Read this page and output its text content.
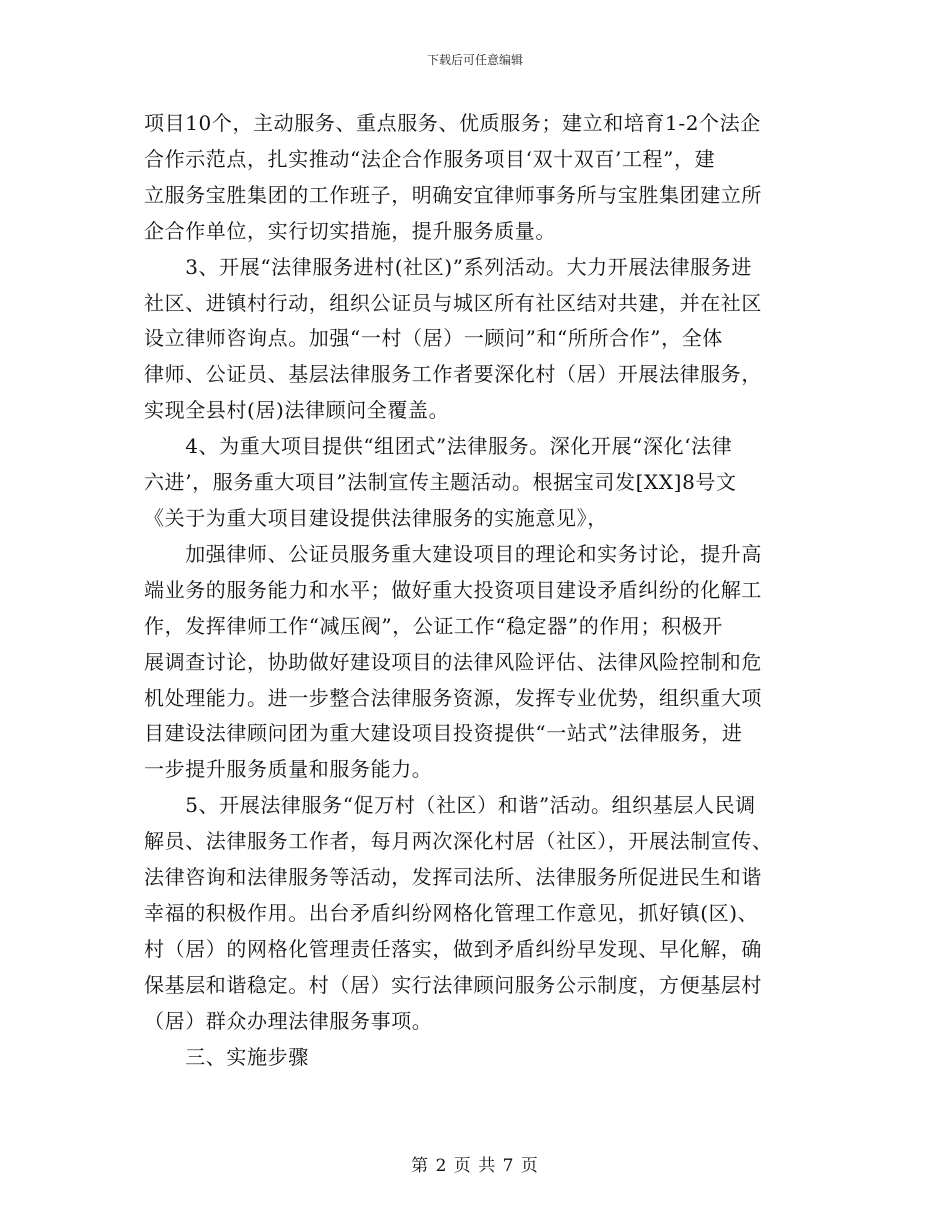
下载后可任意编辑
项目10个，主动服务、重点服务、优质服务；建立和培育1-2个法企
合作示范点，扎实推动“法企合作服务项目‘双十双百’工程”，建
立服务宝胜集团的工作班子，明确安宜律师事务所与宝胜集团建立所
企合作单位，实行切实措施，提升服务质量。
　　3、开展“法律服务进村(社区)”系列活动。大力开展法律服务进
社区、进镇村行动，组织公证员与城区所有社区结对共建，并在社区
设立律师咨询点。加强“一村（居）一顾问”和“所所合作”，全体
律师、公证员、基层法律服务工作者要深化村（居）开展法律服务，
实现全县村(居)法律顾问全覆盖。
　　4、为重大项目提供“组团式”法律服务。深化开展“深化‘法律
六进’，服务重大项目”法制宣传主题活动。根据宝司发[XX]8号文
《关于为重大项目建设提供法律服务的实施意见》，
　　加强律师、公证员服务重大建设项目的理论和实务讨论，提升高
端业务的服务能力和水平；做好重大投资项目建设矛盾纠纷的化解工
作，发挥律师工作“减压阀”，公证工作“稳定器”的作用；积极开
展调查讨论，协助做好建设项目的法律风险评估、法律风险控制和危
机处理能力。进一步整合法律服务资源，发挥专业优势，组织重大项
目建设法律顾问团为重大建设项目投资提供“一站式”法律服务，进
一步提升服务质量和服务能力。
　　5、开展法律服务“促万村（社区）和谐”活动。组织基层人民调
解员、法律服务工作者，每月两次深化村居（社区），开展法制宣传、
法律咨询和法律服务等活动，发挥司法所、法律服务所促进民生和谐
幸福的积极作用。出台矛盾纠纷网格化管理工作意见，抓好镇(区)、
村（居）的网格化管理责任落实，做到矛盾纠纷早发现、早化解，确
保基层和谐稳定。村（居）实行法律顾问服务公示制度，方便基层村
（居）群众办理法律服务事项。
　　三、实施步骤
第 2 页 共 7 页
